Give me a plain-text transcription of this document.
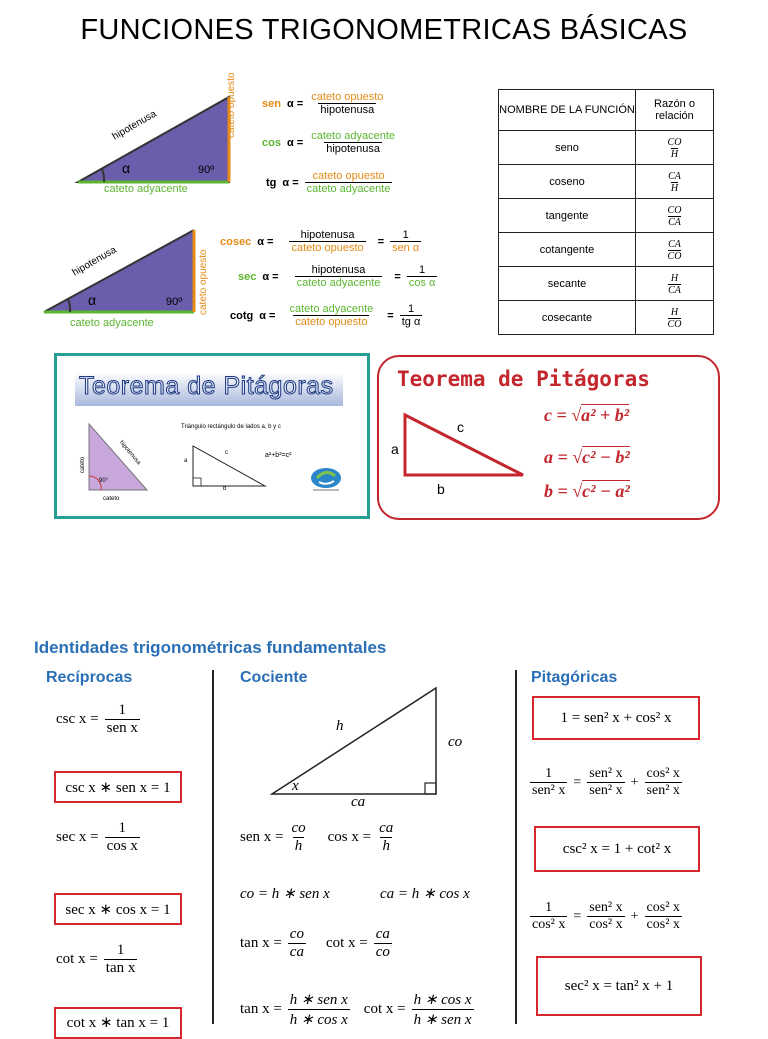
FUNCIONES TRIGONOMETRICAS BÁSICAS
hipotenusa
α	90º
cateto adyacente
cateto opuesto sen $\alpha = \frac{\text{cateto opuesto}}{\text{hipotenusa}}$
$\cos \alpha = \frac{\text{cateto adyacente}}{\text{hipotenusa}}$
tg $\alpha = \frac{\text{cateto opuesto}}{\text{cateto adyacente}}$
hipotenusa
α	90º
cateto adyacente
cateto opuesto
cosec $\alpha = \frac{\text{hipotenusa}}{\text{cateto opuesto}} = \frac{1}{\text{sen α}}$
$\sec \alpha = \frac{\text{hipotenusa}}{\text{cateto adyacente}} = \frac{1}{\text{cos α}}$
cotg $\alpha = \frac{\text{cateto adyacente}}{\text{cateto opuesto}} = \frac{1}{\text{tg α}}$
NOMBRE DE LA FUNCIÓN	Razón o relación
seno	$\frac{CO}{H}$

coseno	$\frac{CA}{H}$

tangente	$\frac{CO}{CA}$

cotangente	$\frac{CA}{CO}$

secante	$\frac{H}{CA}$

cosecante	$\frac{H}{CO}$
Teorema de Pitágoras
hipotenusa
cateto
cateto
90°
Triángulo rectángulo de lados a, b y c
a
c
b
a²+b²=c²
Teorema de Pitágoras
a
c
b
c = √a² + b²
a = √c² − b²
b = √c² − a²
Identidades trigonométricas fundamentales
Recíprocas	Cociente	Pitagóricas
$\csc x = \frac{1}{\text{sen x}}$
csc x ∗ sen x = 1
$\sec x = \frac{1}{\text{cos x}}$
sec x ∗ cos x = 1
$\cot x = \frac{1}{\text{tan x}}$
cot x ∗ tan x = 1
h
co
ca
x
sen $x = \frac{co}{h}$ $\cos x = \frac{ca}{h}$
co = h ∗ sen x	ca = h ∗ cos x
$\tan x = \frac{co}{ca}$ $\cot x = \frac{ca}{co}$
$\tan x = \frac{\text{h ∗ sen x}}{\text{h ∗ cos x}}$ $\cot x = \frac{\text{h ∗ cos x}}{\text{h ∗ sen x}}$
1 = sen² x + cos² x
$\frac{1}{\text{sen² x}} = \frac{\text{sen² x}}{\text{sen² x}} + \frac{\text{cos² x}}{\text{sen² x}}$
csc² x = 1 + cot² x
$\frac{1}{\text{cos² x}} = \frac{\text{sen² x}}{\text{cos² x}} + \frac{\text{cos² x}}{\text{cos² x}}$
sec² x = tan² x + 1
